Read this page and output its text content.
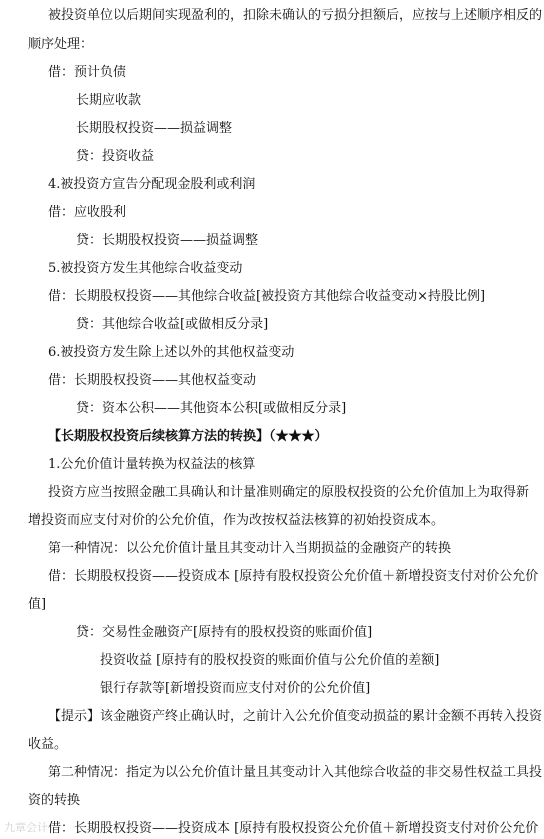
被投资单位以后期间实现盈利的，扣除未确认的亏损分担额后，应按与上述顺序相反的
顺序处理：
借：预计负债
长期应收款
长期股权投资——损益调整
贷：投资收益
4.被投资方宣告分配现金股利或利润
借：应收股利
贷：长期股权投资——损益调整
5.被投资方发生其他综合收益变动
借：长期股权投资——其他综合收益[被投资方其他综合收益变动×持股比例]
贷：其他综合收益[或做相反分录]
6.被投资方发生除上述以外的其他权益变动
借：长期股权投资——其他权益变动
贷：资本公积——其他资本公积[或做相反分录]
【长期股权投资后续核算方法的转换】（★★★）
1.公允价值计量转换为权益法的核算
投资方应当按照金融工具确认和计量准则确定的原股权投资的公允价值加上为取得新
增投资而应支付对价的公允价值，作为改按权益法核算的初始投资成本。
第一种情况：以公允价值计量且其变动计入当期损益的金融资产的转换
借：长期股权投资——投资成本 [原持有股权投资公允价值＋新增投资支付对价公允价
值]
贷：交易性金融资产[原持有的股权投资的账面价值]
投资收益 [原持有的股权投资的账面价值与公允价值的差额]
银行存款等[新增投资而应支付对价的公允价值]
【提示】该金融资产终止确认时，之前计入公允价值变动损益的累计金额不再转入投资
收益。
第二种情况：指定为以公允价值计量且其变动计入其他综合收益的非交易性权益工具投
资的转换
借：长期股权投资——投资成本 [原持有股权投资公允价值＋新增投资支付对价公允价
九章会计
